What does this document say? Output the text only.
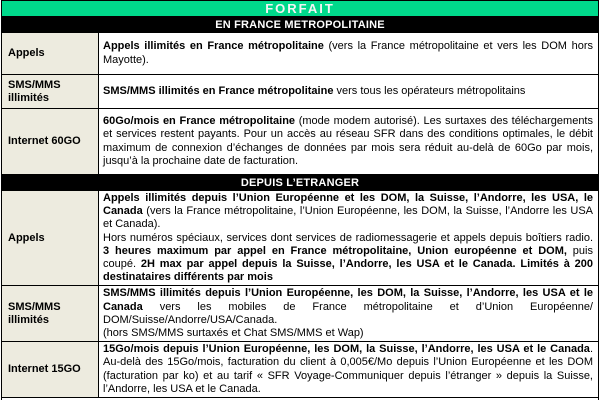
FORFAIT	
EN FRANCE METROPOLITAINE	
Appels	Appels illimités en France métropolitaine (vers la France métropolitaine et vers les DOM hors Mayotte).

SMS/MMS illimités	SMS/MMS illimités en France métropolitaine vers tous les opérateurs métropolitains

Internet 60GO	60Go/mois en France métropolitaine (mode modem autorisé). Les surtaxes des téléchargements et services restent payants. Pour un accès au réseau SFR dans des conditions optimales, le débit maximum de connexion d’échanges de données par mois sera réduit au-delà de 60Go par mois, jusqu’à la prochaine date de facturation.

DEPUIS L’ETRANGER	
Appels	Appels illimités depuis l’Union Européenne et les DOM, la Suisse, l’Andorre, les USA, le Canada (vers la France métropolitaine, l’Union Européenne, les DOM, la Suisse, l’Andorre les USA et Canada).
Hors numéros spéciaux, services dont services de radiomessagerie et appels depuis boîtiers radio. 3 heures maximum par appel en France métropolitaine, Union européenne et DOM, puis coupé. 2H max par appel depuis la Suisse, l’Andorre, les USA et le Canada. Limités à 200 destinataires différents par mois

SMS/MMS illimités	SMS/MMS illimités depuis l’Union Européenne, les DOM, la Suisse, l’Andorre, les USA et le Canada vers les mobiles de France métropolitaine et d’Union Européenne/ DOM/Suisse/Andorre/USA/Canada.
(hors SMS/MMS surtaxés et Chat SMS/MMS et Wap)

Internet 15GO	15Go/mois depuis l’Union Européenne, les DOM, la Suisse, l’Andorre, les USA et le Canada. Au-delà des 15Go/mois, facturation du client à 0,005€/Mo depuis l’Union Européenne et les DOM (facturation par ko) et au tarif « SFR Voyage-Communiquer depuis l’étranger » depuis la Suisse, l’Andorre, les USA et le Canada.
